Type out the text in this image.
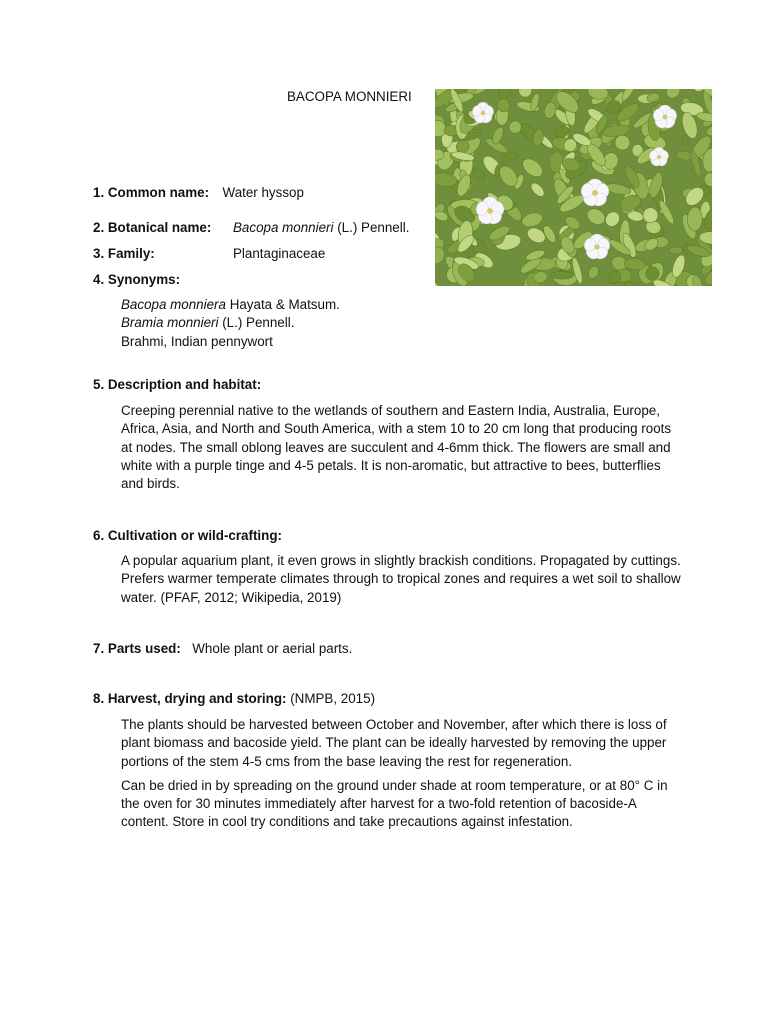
BACOPA MONNIERI
1. Common name: Water hyssop
2. Botanical name: Bacopa monnieri (L.) Pennell.
3. Family:	Plantaginaceae
4. Synonyms:

Bacopa monniera Hayata & Matsum.

Bramia monnieri (L.) Pennell.

Brahmi, Indian pennywort

5. Description and habitat:
Creeping perennial native to the wetlands of southern and Eastern India, Australia, Europe, Africa, Asia, and North and South America, with a stem 10 to 20 cm long that producing roots at nodes. The small oblong leaves are succulent and 4-6mm thick. The flowers are small and white with a purple tinge and 4-5 petals. It is non-aromatic, but attractive to bees, butterflies and birds.
6. Cultivation or wild-crafting:
A popular aquarium plant, it even grows in slightly brackish conditions. Propagated by cuttings. Prefers warmer temperate climates through to tropical zones and requires a wet soil to shallow water. (PFAF, 2012; Wikipedia, 2019)
7. Parts used: Whole plant or aerial parts.
8. Harvest, drying and storing: (NMPB, 2015)

The plants should be harvested between October and November, after which there is loss of plant biomass and bacoside yield. The plant can be ideally harvested by removing the upper portions of the stem 4-5 cms from the base leaving the rest for regeneration.

Can be dried in by spreading on the ground under shade at room temperature, or at 80° C in the oven for 30 minutes immediately after harvest for a two-fold retention of bacoside-A content. Store in cool try conditions and take precautions against infestation.
